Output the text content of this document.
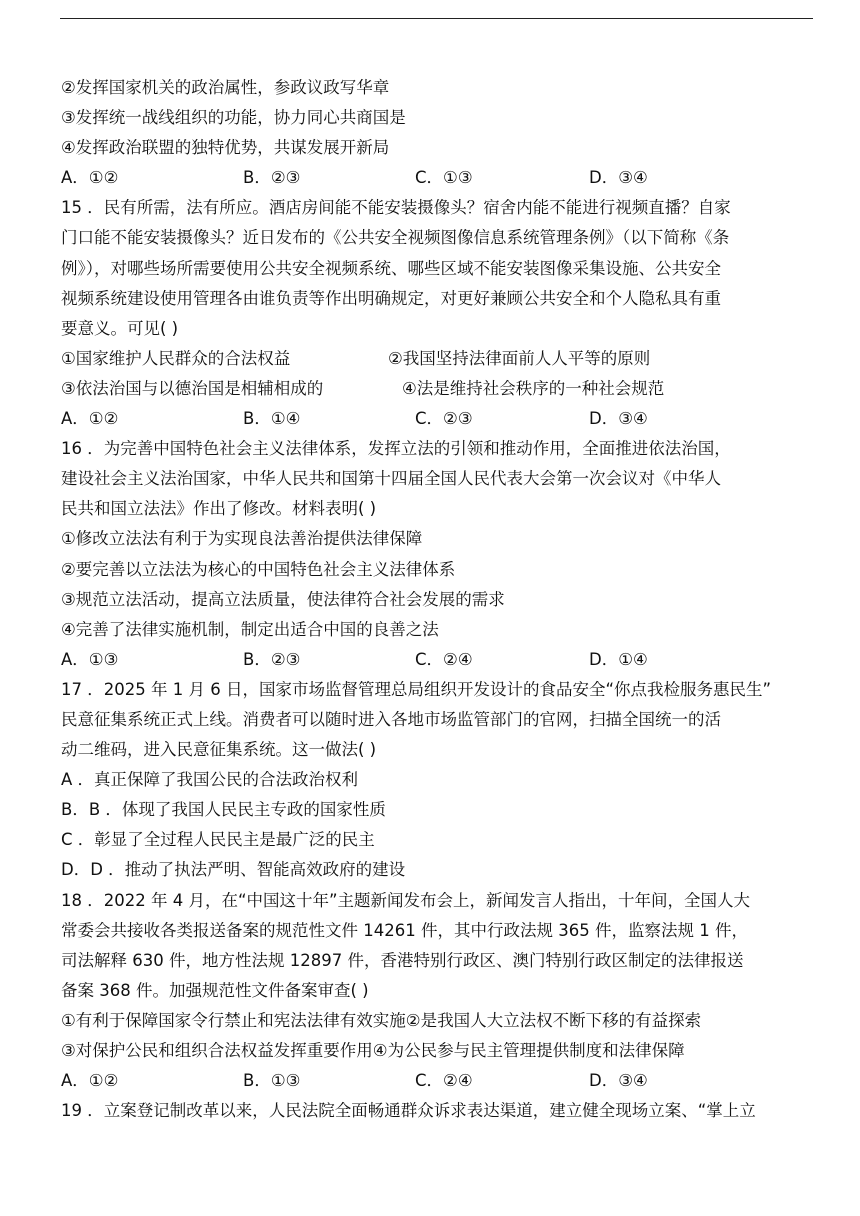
②发挥国家机关的政治属性，参政议政写华章
③发挥统一战线组织的功能，协力同心共商国是
④发挥政治联盟的独特优势，共谋发展开新局
A．①②	B．②③	C．①③	D．③④
15 ．民有所需，法有所应。酒店房间能不能安装摄像头？宿舍内能不能进行视频直播？自家
门口能不能安装摄像头？近日发布的《公共安全视频图像信息系统管理条例》（以下简称《条
例》），对哪些场所需要使用公共安全视频系统、哪些区域不能安装图像采集设施、公共安全
视频系统建设使用管理各由谁负责等作出明确规定，对更好兼顾公共安全和个人隐私具有重
要意义。可见( )
①国家维护人民群众的合法权益	②我国坚持法律面前人人平等的原则
③依法治国与以德治国是相辅相成的	④法是维持社会秩序的一种社会规范
A．①②	B．①④	C．②③	D．③④
16 ．为完善中国特色社会主义法律体系，发挥立法的引领和推动作用，全面推进依法治国，
建设社会主义法治国家，中华人民共和国第十四届全国人民代表大会第一次会议对《中华人
民共和国立法法》作出了修改。材料表明( )
①修改立法法有利于为实现良法善治提供法律保障
②要完善以立法法为核心的中国特色社会主义法律体系
③规范立法活动，提高立法质量，使法律符合社会发展的需求
④完善了法律实施机制，制定出适合中国的良善之法
A．①③	B．②③	C．②④	D．①④
17 ．2025 年 1 月 6 日，国家市场监督管理总局组织开发设计的食品安全“你点我检服务惠民生”
民意征集系统正式上线。消费者可以随时进入各地市场监管部门的官网，扫描全国统一的活
动二维码，进入民意征集系统。这一做法( )
A ．真正保障了我国公民的合法政治权利
B．B ．体现了我国人民民主专政的国家性质
C ．彰显了全过程人民民主是最广泛的民主
D．D ．推动了执法严明、智能高效政府的建设
18 ．2022 年 4 月，在“中国这十年”主题新闻发布会上，新闻发言人指出，十年间，全国人大
常委会共接收各类报送备案的规范性文件 14261 件，其中行政法规 365 件，监察法规 1 件，
司法解释 630 件，地方性法规 12897 件，香港特别行政区、澳门特别行政区制定的法律报送
备案 368 件。加强规范性文件备案审查( )
①有利于保障国家令行禁止和宪法法律有效实施②是我国人大立法权不断下移的有益探索
③对保护公民和组织合法权益发挥重要作用④为公民参与民主管理提供制度和法律保障
A．①②	B．①③	C．②④	D．③④
19 ．立案登记制改革以来，人民法院全面畅通群众诉求表达渠道，建立健全现场立案、“掌上立
